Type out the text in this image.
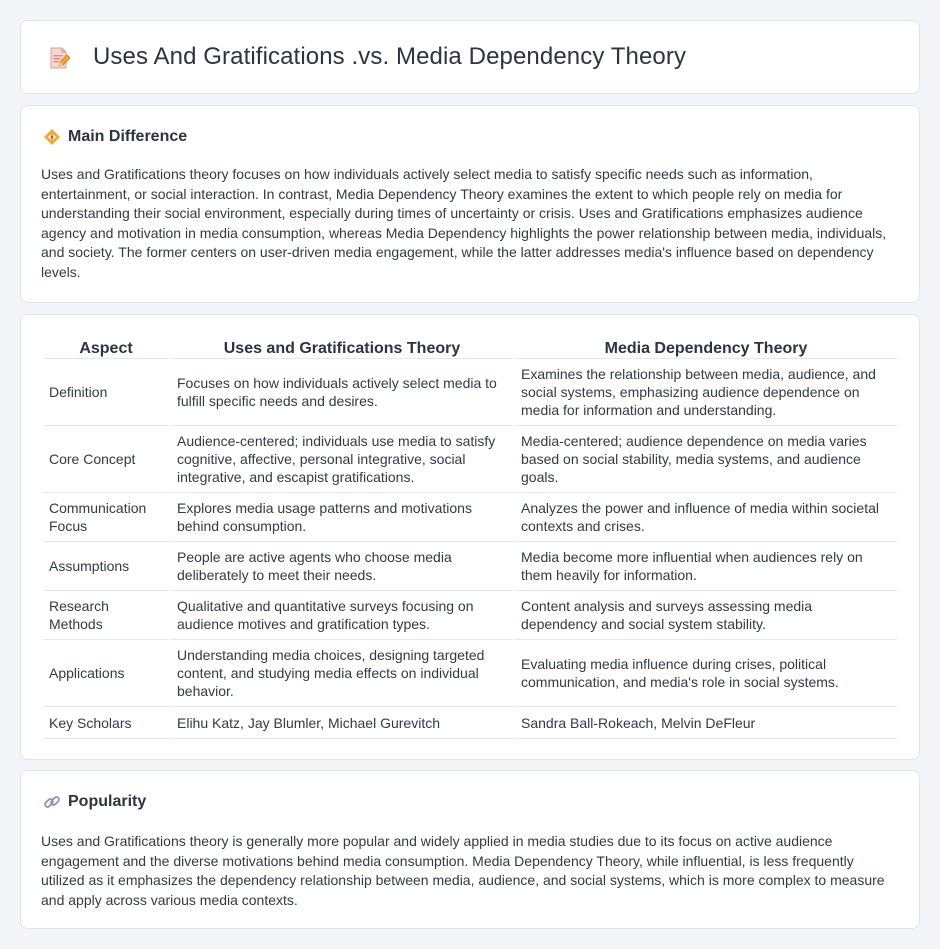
Uses And Gratifications .vs. Media Dependency Theory
Main Difference

Uses and Gratifications theory focuses on how individuals actively select media to satisfy specific needs such as information, entertainment, or social interaction. In contrast, Media Dependency Theory examines the extent to which people rely on media for understanding their social environment, especially during times of uncertainty or crisis. Uses and Gratifications emphasizes audience agency and motivation in media consumption, whereas Media Dependency highlights the power relationship between media, individuals, and society. The former centers on user-driven media engagement, while the latter addresses media's influence based on dependency levels.

Aspect	Uses and Gratifications Theory	Media Dependency Theory
Definition	Focuses on how individuals actively select media to fulfill specific needs and desires.	Examines the relationship between media, audience, and social systems, emphasizing audience dependence on media for information and understanding.
Core Concept	Audience-centered; individuals use media to satisfy cognitive, affective, personal integrative, social integrative, and escapist gratifications.	Media-centered; audience dependence on media varies based on social stability, media systems, and audience goals.
Communication Focus	Explores media usage patterns and motivations behind consumption.	Analyzes the power and influence of media within societal contexts and crises.
Assumptions	People are active agents who choose media deliberately to meet their needs.	Media become more influential when audiences rely on them heavily for information.
Research Methods	Qualitative and quantitative surveys focusing on audience motives and gratification types.	Content analysis and surveys assessing media dependency and social system stability.
Applications	Understanding media choices, designing targeted content, and studying media effects on individual behavior.	Evaluating media influence during crises, political communication, and media's role in social systems.
Key Scholars	Elihu Katz, Jay Blumler, Michael Gurevitch	Sandra Ball-Rokeach, Melvin DeFleur
Popularity

Uses and Gratifications theory is generally more popular and widely applied in media studies due to its focus on active audience engagement and the diverse motivations behind media consumption. Media Dependency Theory, while influential, is less frequently utilized as it emphasizes the dependency relationship between media, audience, and social systems, which is more complex to measure and apply across various media contexts.
